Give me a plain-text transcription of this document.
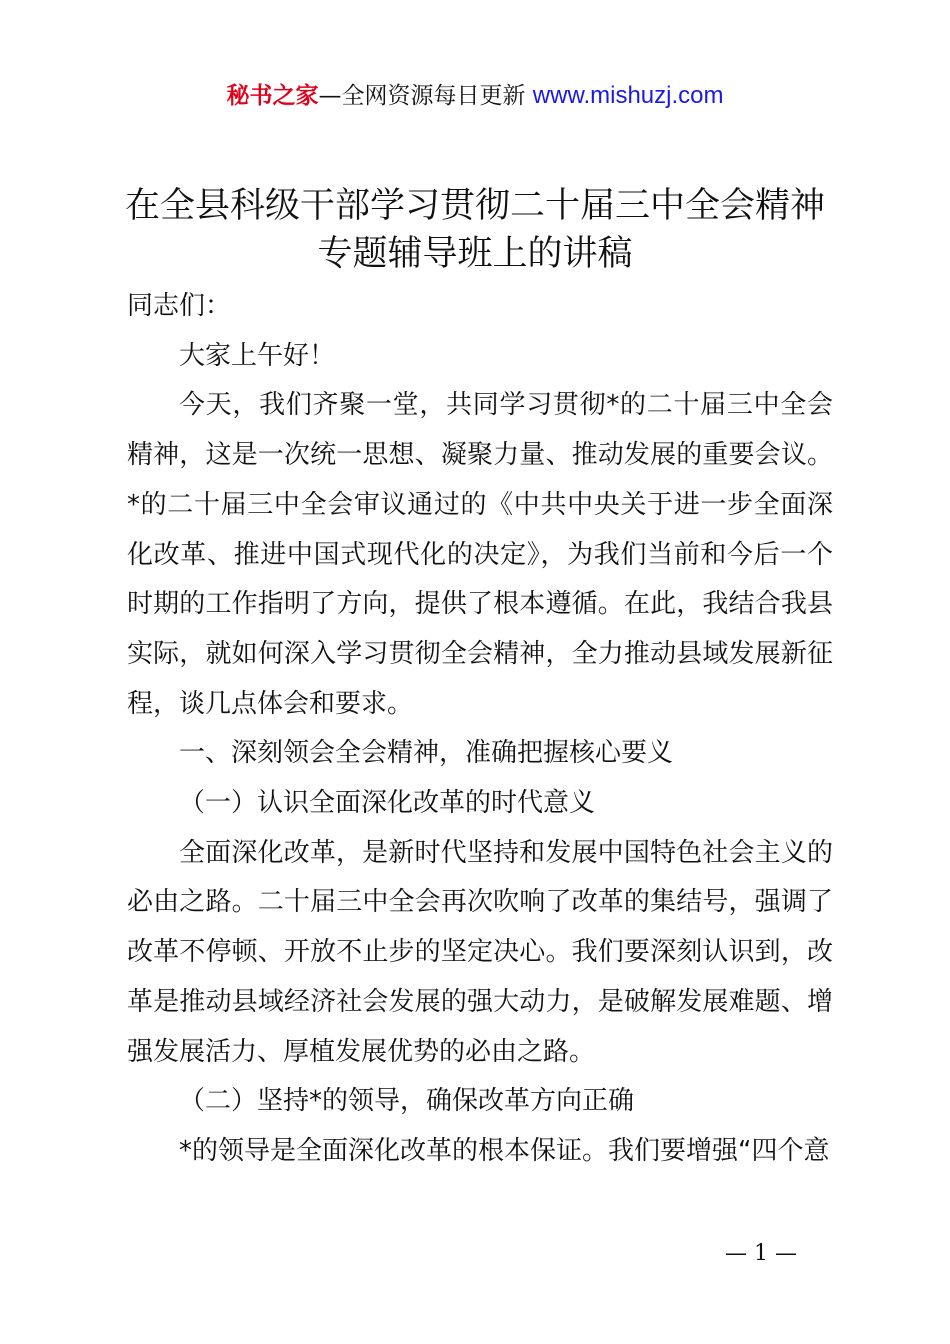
秘书之家—全网资源每日更新 www.mishuzj.com
在全县科级干部学习贯彻二十届三中全会精神
专题辅导班上的讲稿

同志们：

大家上午好！

今天，我们齐聚一堂，共同学习贯彻*的二十届三中全会精神，这是一次统一思想、凝聚力量、推动发展的重要会议。*的二十届三中全会审议通过的《中共中央关于进一步全面深化改革、推进中国式现代化的决定》，为我们当前和今后一个时期的工作指明了方向，提供了根本遵循。在此，我结合我县实际，就如何深入学习贯彻全会精神，全力推动县域发展新征程，谈几点体会和要求。

一、深刻领会全会精神，准确把握核心要义

（一）认识全面深化改革的时代意义

全面深化改革，是新时代坚持和发展中国特色社会主义的必由之路。二十届三中全会再次吹响了改革的集结号，强调了改革不停顿、开放不止步的坚定决心。我们要深刻认识到，改革是推动县域经济社会发展的强大动力，是破解发展难题、增强发展活力、厚植发展优势的必由之路。

（二）坚持*的领导，确保改革方向正确

*的领导是全面深化改革的根本保证。我们要增强“四个意

— 1 —
